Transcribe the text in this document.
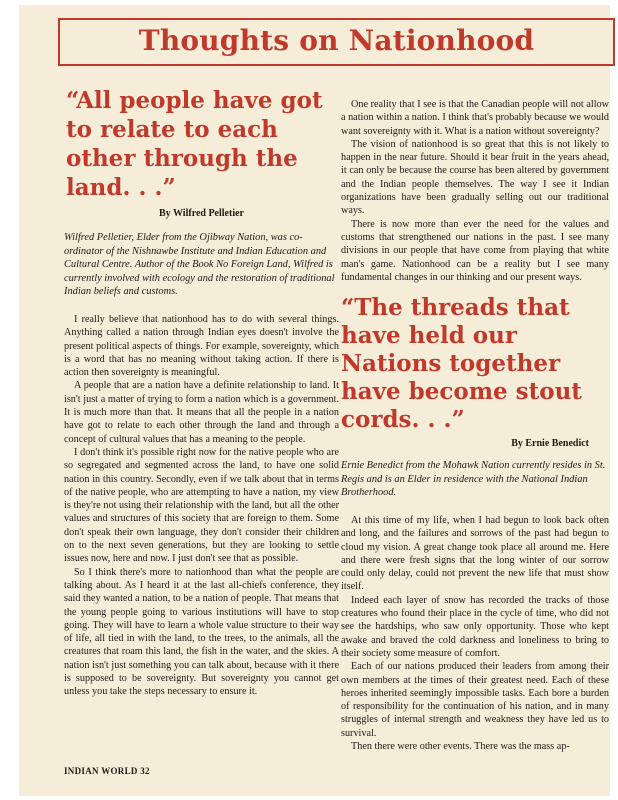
Thoughts on Nationhood
“All people have got to relate to each other through the land. . .”
By Wilfred Pelletier
Wilfred Pelletier, Elder from the Ojibway Nation, was co-ordinator of the Nishnawbe Institute and Indian Education and Cultural Centre. Author of the Book No Foreign Land, Wilfred is currently involved with ecology and the restoration of traditional Indian beliefs and customs.

I really believe that nationhood has to do with several things. Anything called a nation through Indian eyes doesn't involve the present political aspects of things. For example, sovereignty, which is a word that has no meaning without taking action. If there is action then sovereignty is meaningful.

A people that are a nation have a definite relationship to land. It isn't just a matter of trying to form a nation which is a government. It is much more than that. It means that all the people in a nation have got to relate to each other through the land and through a concept of cultural values that has a meaning to the people.

I don't think it's possible right now for the native people who are so segregated and segmented across the land, to have one solid nation in this country. Secondly, even if we talk about that in terms of the native people, who are attempting to have a nation, my view is they're not using their relationship with the land, but all the other values and structures of this society that are foreign to them. Some don't speak their own language, they don't consider their children on to the next seven generations, but they are looking to settle issues now, here and now. I just don't see that as possible.

So I think there's more to nationhood than what the people are talking about. As I heard it at the last all-chiefs conference, they said they wanted a nation, to be a nation of people. That means that the young people going to various institutions will have to stop going. They will have to learn a whole value structure to their way of life, all tied in with the land, to the trees, to the animals, all the creatures that roam this land, the fish in the water, and the skies. A nation isn't just something you can talk about, because with it there is supposed to be sovereignty. But sovereignty you cannot get unless you take the steps necessary to ensure it.

One reality that I see is that the Canadian people will not allow a nation within a nation. I think that's probably because we would want sovereignty with it. What is a nation without sovereignty?

The vision of nationhood is so great that this is not likely to happen in the near future. Should it bear fruit in the years ahead, it can only be because the course has been altered by government and the Indian people themselves. The way I see it Indian organizations have been gradually selling out our traditional ways.

There is now more than ever the need for the values and customs that strengthened our nations in the past. I see many divisions in our people that have come from playing that white man's game. Nationhood can be a reality but I see many fundamental changes in our thinking and our present ways.

“The threads that have held our Nations together have become stout cords. . .”
By Ernie Benedict
Ernie Benedict from the Mohawk Nation currently resides in St. Regis and is an Elder in residence with the National Indian Brotherhood.

At this time of my life, when I had begun to look back often and long, and the failures and sorrows of the past had begun to cloud my vision. A great change took place all around me. Here and there were fresh signs that the long winter of our sorrow could only delay, could not prevent the new life that must show itself.

Indeed each layer of snow has recorded the tracks of those creatures who found their place in the cycle of time, who did not see the hardships, who saw only opportunity. Those who kept awake and braved the cold darkness and loneliness to bring to their society some measure of comfort.

Each of our nations produced their leaders from among their own members at the times of their greatest need. Each of these heroes inherited seemingly impossible tasks. Each bore a burden of responsibility for the continuation of his nation, and in many struggles of internal strength and weakness they have led us to survival.

Then there were other events. There was the mass ap-

INDIAN WORLD 32
